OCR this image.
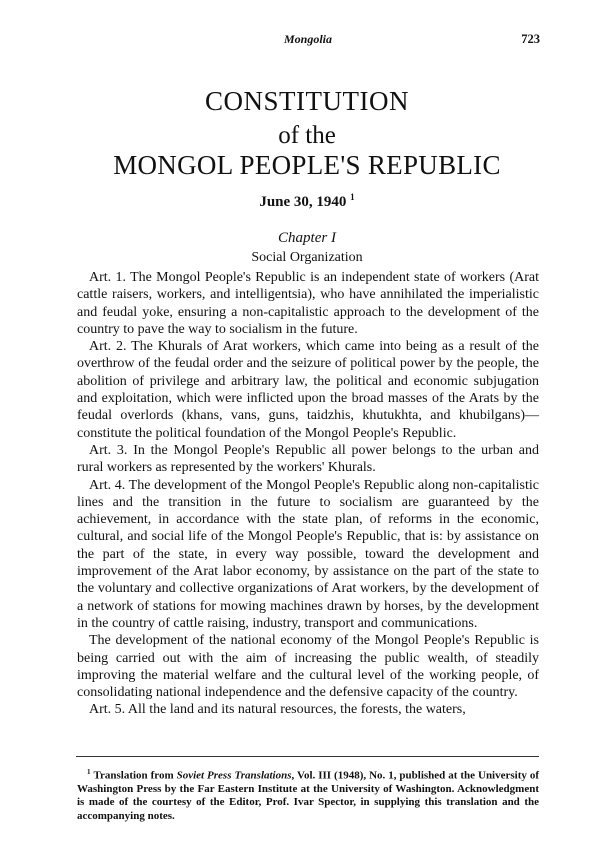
Mongolia	723
CONSTITUTION
of the
MONGOL PEOPLE'S REPUBLIC
June 30, 1940 $^1$
Chapter I
Social Organization

Art. 1. The Mongol People's Republic is an independent state of workers (Arat cattle raisers, workers, and intelligentsia), who have annihilated the imperialistic and feudal yoke, ensuring a non-capitalistic approach to the development of the country to pave the way to socialism in the future.

Art. 2. The Khurals of Arat workers, which came into being as a result of the overthrow of the feudal order and the seizure of political power by the people, the abolition of privilege and arbitrary law, the political and economic subjugation and exploitation, which were inflicted upon the broad masses of the Arats by the feudal overlords (khans, vans, guns, taidzhis, khutukhta, and khubilgans)—constitute the political foundation of the Mongol People's Republic.

Art. 3. In the Mongol People's Republic all power belongs to the urban and rural workers as represented by the workers' Khurals.

Art. 4. The development of the Mongol People's Republic along non-capitalistic lines and the transition in the future to socialism are guaranteed by the achievement, in accordance with the state plan, of reforms in the economic, cultural, and social life of the Mongol People's Republic, that is: by assistance on the part of the state, in every way possible, toward the development and improvement of the Arat labor economy, by assistance on the part of the state to the voluntary and collective organizations of Arat workers, by the development of a network of stations for mowing machines drawn by horses, by the development in the country of cattle raising, industry, transport and communications.

The development of the national economy of the Mongol People's Republic is being carried out with the aim of increasing the public wealth, of steadily improving the material welfare and the cultural level of the working people, of consolidating national independence and the defensive capacity of the country.

Art. 5. All the land and its natural resources, the forests, the waters,

$^1$ Translation from Soviet Press Translations, Vol. III (1948), No. 1, published at the University of Washington Press by the Far Eastern Institute at the University of Washington. Acknowledgment is made of the courtesy of the Editor, Prof. Ivar Spector, in supplying this translation and the accompanying notes.
